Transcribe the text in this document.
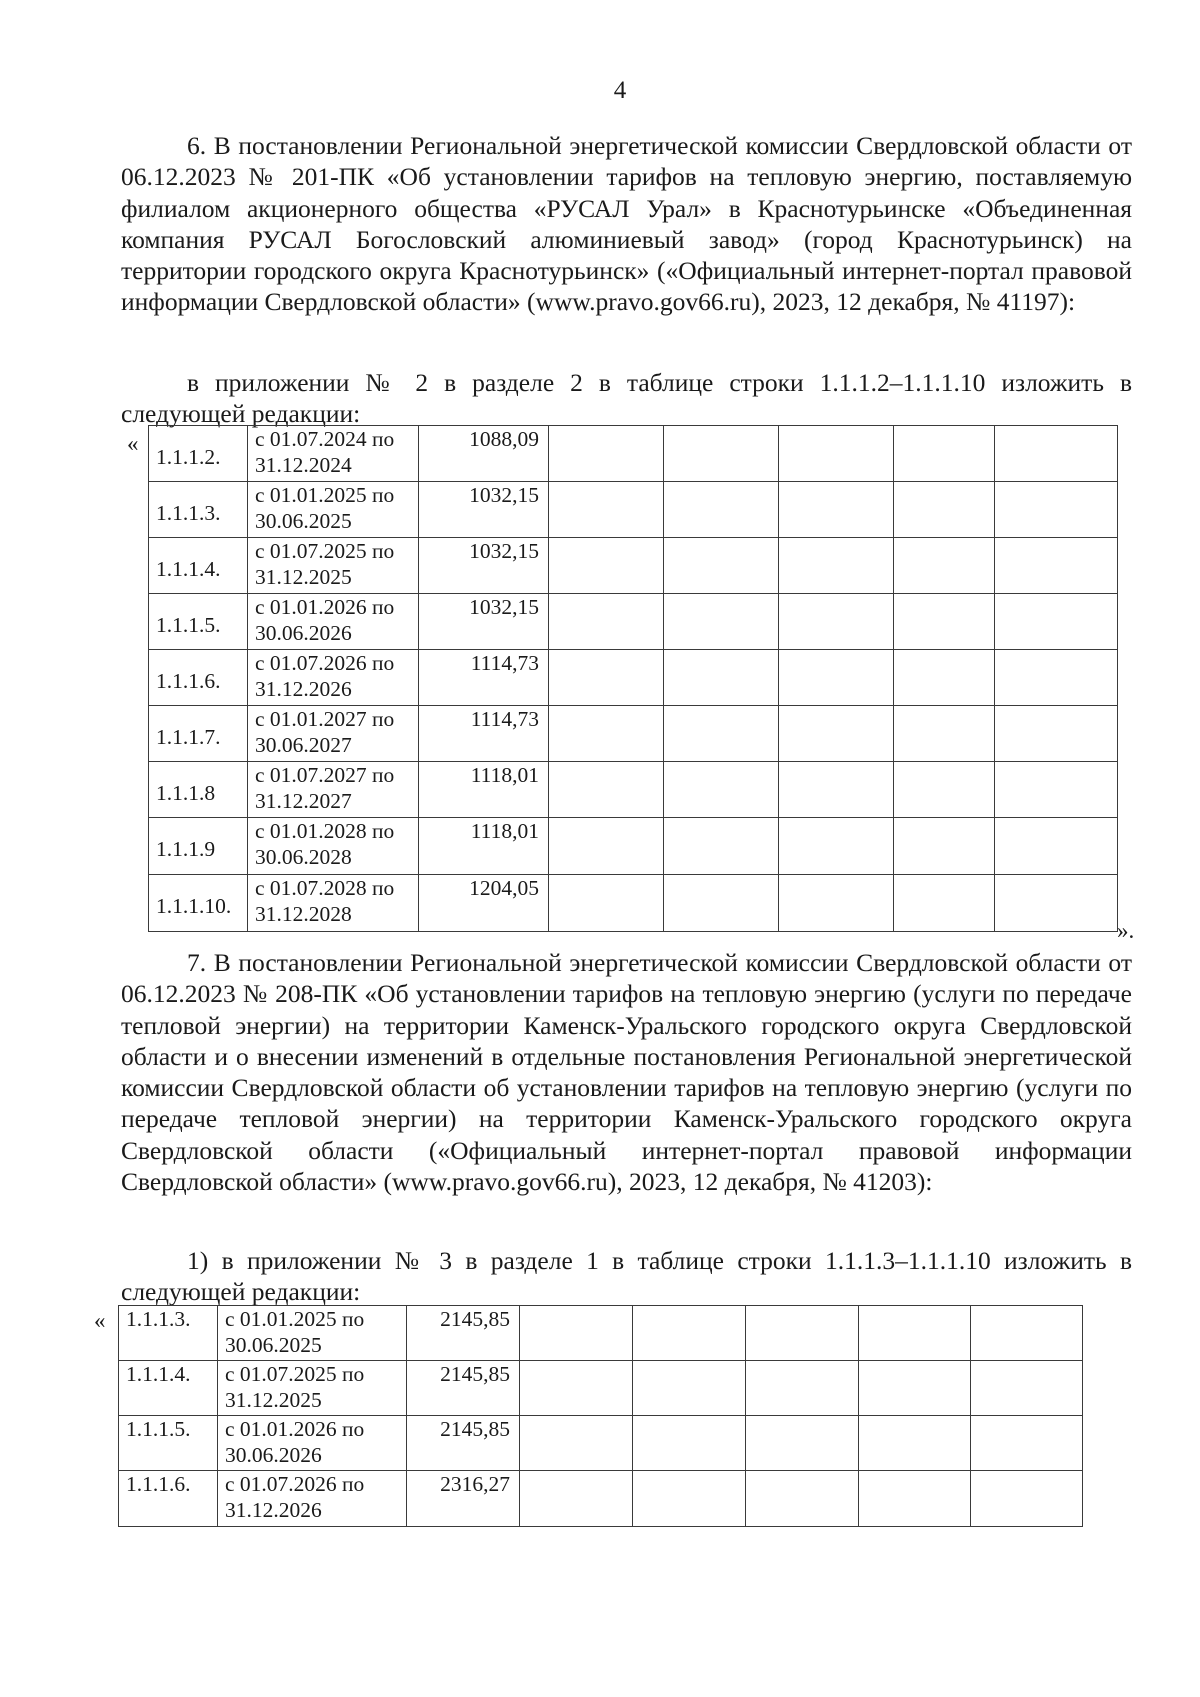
4

6. В постановлении Региональной энергетической комиссии Свердловской области от 06.12.2023 № 201-ПК «Об установлении тарифов на тепловую энергию, поставляемую филиалом акционерного общества «РУСАЛ Урал» в Краснотурьинске «Объединенная компания РУСАЛ Богословский алюминиевый завод» (город Краснотурьинск) на территории городского округа Краснотурьинск» («Официальный интернет-портал правовой информации Свердловской области» (www.pravo.gov66.ru), 2023, 12 декабря, № 41197):

в приложении № 2 в разделе 2 в таблице строки 1.1.1.2–1.1.1.10 изложить в следующей редакции:

«
1.1.1.2.	с 01.07.2024 по
31.12.2024	1088,09					

1.1.1.3.	с 01.01.2025 по
30.06.2025	1032,15					

1.1.1.4.	с 01.07.2025 по
31.12.2025	1032,15					

1.1.1.5.	с 01.01.2026 по
30.06.2026	1032,15					

1.1.1.6.	с 01.07.2026 по
31.12.2026	1114,73					

1.1.1.7.	с 01.01.2027 по
30.06.2027	1114,73					

1.1.1.8	с 01.07.2027 по
31.12.2027	1118,01					

1.1.1.9	с 01.01.2028 по
30.06.2028	1118,01					

1.1.1.10.	с 01.07.2028 по
31.12.2028	1204,05					
».

7. В постановлении Региональной энергетической комиссии Свердловской области от 06.12.2023 № 208-ПК «Об установлении тарифов на тепловую энергию (услуги по передаче тепловой энергии) на территории Каменск-Уральского городского округа Свердловской области и о внесении изменений в отдельные постановления Региональной энергетической комиссии Свердловской области об установлении тарифов на тепловую энергию (услуги по передаче тепловой энергии) на территории Каменск-Уральского городского округа Свердловской области («Официальный интернет-портал правовой информации Свердловской области» (www.pravo.gov66.ru), 2023, 12 декабря, № 41203):

1) в приложении № 3 в разделе 1 в таблице строки 1.1.1.3–1.1.1.10 изложить в следующей редакции:

« 1.1.1.3.	с 01.01.2025 по
30.06.2025	2145,85					
1.1.1.4.	с 01.07.2025 по
31.12.2025	2145,85					
1.1.1.5.	с 01.01.2026 по
30.06.2026	2145,85					
1.1.1.6.	с 01.07.2026 по
31.12.2026	2316,27					
